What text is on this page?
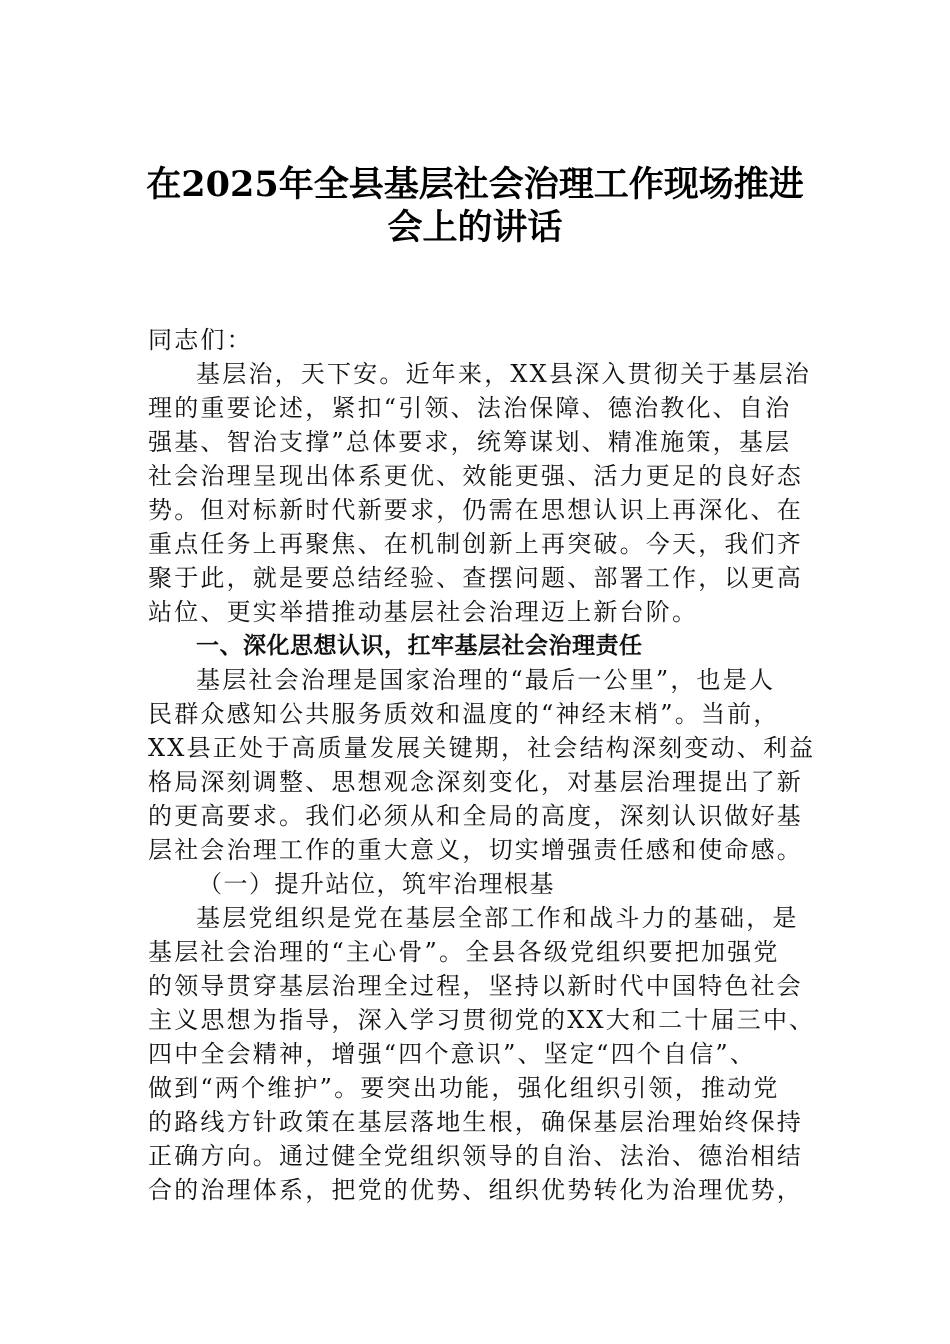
在2025年全县基层社会治理工作现场推进
会上的讲话
同志们：
基层治，天下安。近年来，XX县深入贯彻关于基层治
理的重要论述，紧扣“引领、法治保障、德治教化、自治
强基、智治支撑”总体要求，统筹谋划、精准施策，基层
社会治理呈现出体系更优、效能更强、活力更足的良好态
势。但对标新时代新要求，仍需在思想认识上再深化、在
重点任务上再聚焦、在机制创新上再突破。今天，我们齐
聚于此，就是要总结经验、查摆问题、部署工作，以更高
站位、更实举措推动基层社会治理迈上新台阶。
一、深化思想认识，扛牢基层社会治理责任
基层社会治理是国家治理的“最后一公里”，也是人
民群众感知公共服务质效和温度的“神经末梢”。当前，
XX县正处于高质量发展关键期，社会结构深刻变动、利益
格局深刻调整、思想观念深刻变化，对基层治理提出了新
的更高要求。我们必须从和全局的高度，深刻认识做好基
层社会治理工作的重大意义，切实增强责任感和使命感。
（一）提升站位，筑牢治理根基
基层党组织是党在基层全部工作和战斗力的基础，是
基层社会治理的“主心骨”。全县各级党组织要把加强党
的领导贯穿基层治理全过程，坚持以新时代中国特色社会
主义思想为指导，深入学习贯彻党的XX大和二十届三中、
四中全会精神，增强“四个意识”、坚定“四个自信”、
做到“两个维护”。要突出功能，强化组织引领，推动党
的路线方针政策在基层落地生根，确保基层治理始终保持
正确方向。通过健全党组织领导的自治、法治、德治相结
合的治理体系，把党的优势、组织优势转化为治理优势，
